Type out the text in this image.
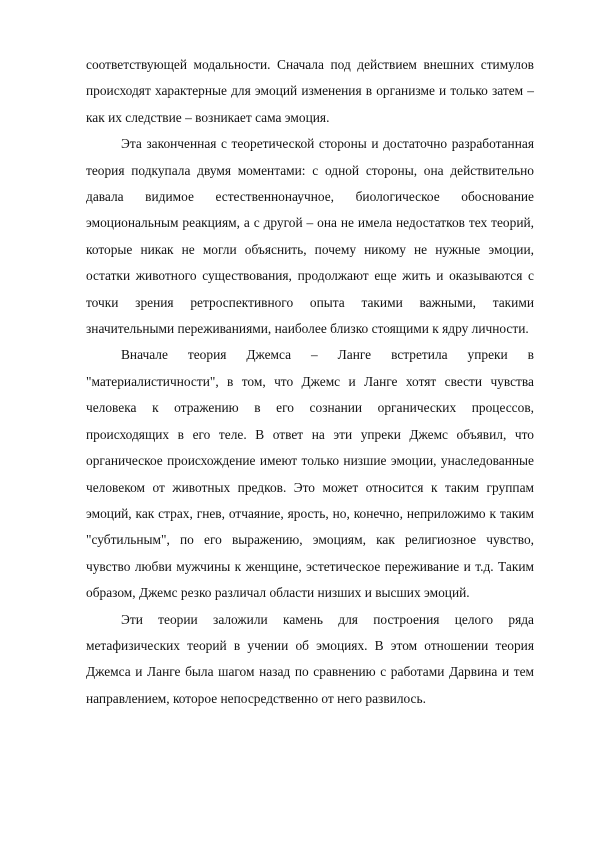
соответствующей модальности. Сначала под действием внешних стимулов происходят характерные для эмоций изменения в организме и только затем – как их следствие – возникает сама эмоция.

Эта законченная с теоретической стороны и достаточно разработанная теория подкупала двумя моментами: с одной стороны, она действительно давала видимое естественнонаучное, биологическое обоснование эмоциональным реакциям, а с другой – она не имела недостатков тех теорий, которые никак не могли объяснить, почему никому не нужные эмоции, остатки животного существования, продолжают еще жить и оказываются с точки зрения ретроспективного опыта такими важными, такими значительными переживаниями, наиболее близко стоящими к ядру личности.

Вначале теория Джемса – Ланге встретила упреки в "материалистичности", в том, что Джемс и Ланге хотят свести чувства человека к отражению в его сознании органических процессов, происходящих в его теле. В ответ на эти упреки Джемс объявил, что органическое происхождение имеют только низшие эмоции, унаследованные человеком от животных предков. Это может относится к таким группам эмоций, как страх, гнев, отчаяние, ярость, но, конечно, неприложимо к таким "субтильным", по его выражению, эмоциям, как религиозное чувство, чувство любви мужчины к женщине, эстетическое переживание и т.д. Таким образом, Джемс резко различал области низших и высших эмоций.

Эти теории заложили камень для построения целого ряда метафизических теорий в учении об эмоциях. В этом отношении теория Джемса и Ланге была шагом назад по сравнению с работами Дарвина и тем направлением, которое непосредственно от него развилось.
